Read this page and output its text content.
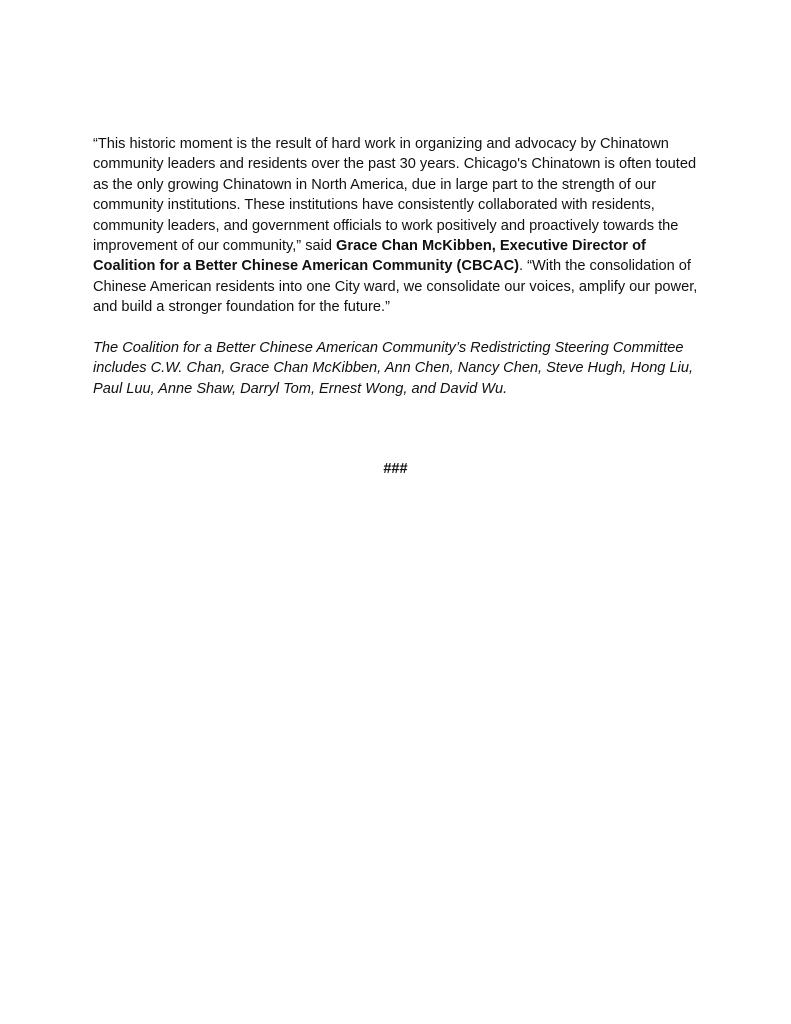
“This historic moment is the result of hard work in organizing and advocacy by Chinatown community leaders and residents over the past 30 years. Chicago's Chinatown is often touted as the only growing Chinatown in North America, due in large part to the strength of our community institutions. These institutions have consistently collaborated with residents, community leaders, and government officials to work positively and proactively towards the improvement of our community,” said Grace Chan McKibben, Executive Director of Coalition for a Better Chinese American Community (CBCAC). “With the consolidation of Chinese American residents into one City ward, we consolidate our voices, amplify our power, and build a stronger foundation for the future.”

The Coalition for a Better Chinese American Community’s Redistricting Steering Committee includes C.W. Chan, Grace Chan McKibben, Ann Chen, Nancy Chen, Steve Hugh, Hong Liu, Paul Luu, Anne Shaw, Darryl Tom, Ernest Wong, and David Wu.

###
